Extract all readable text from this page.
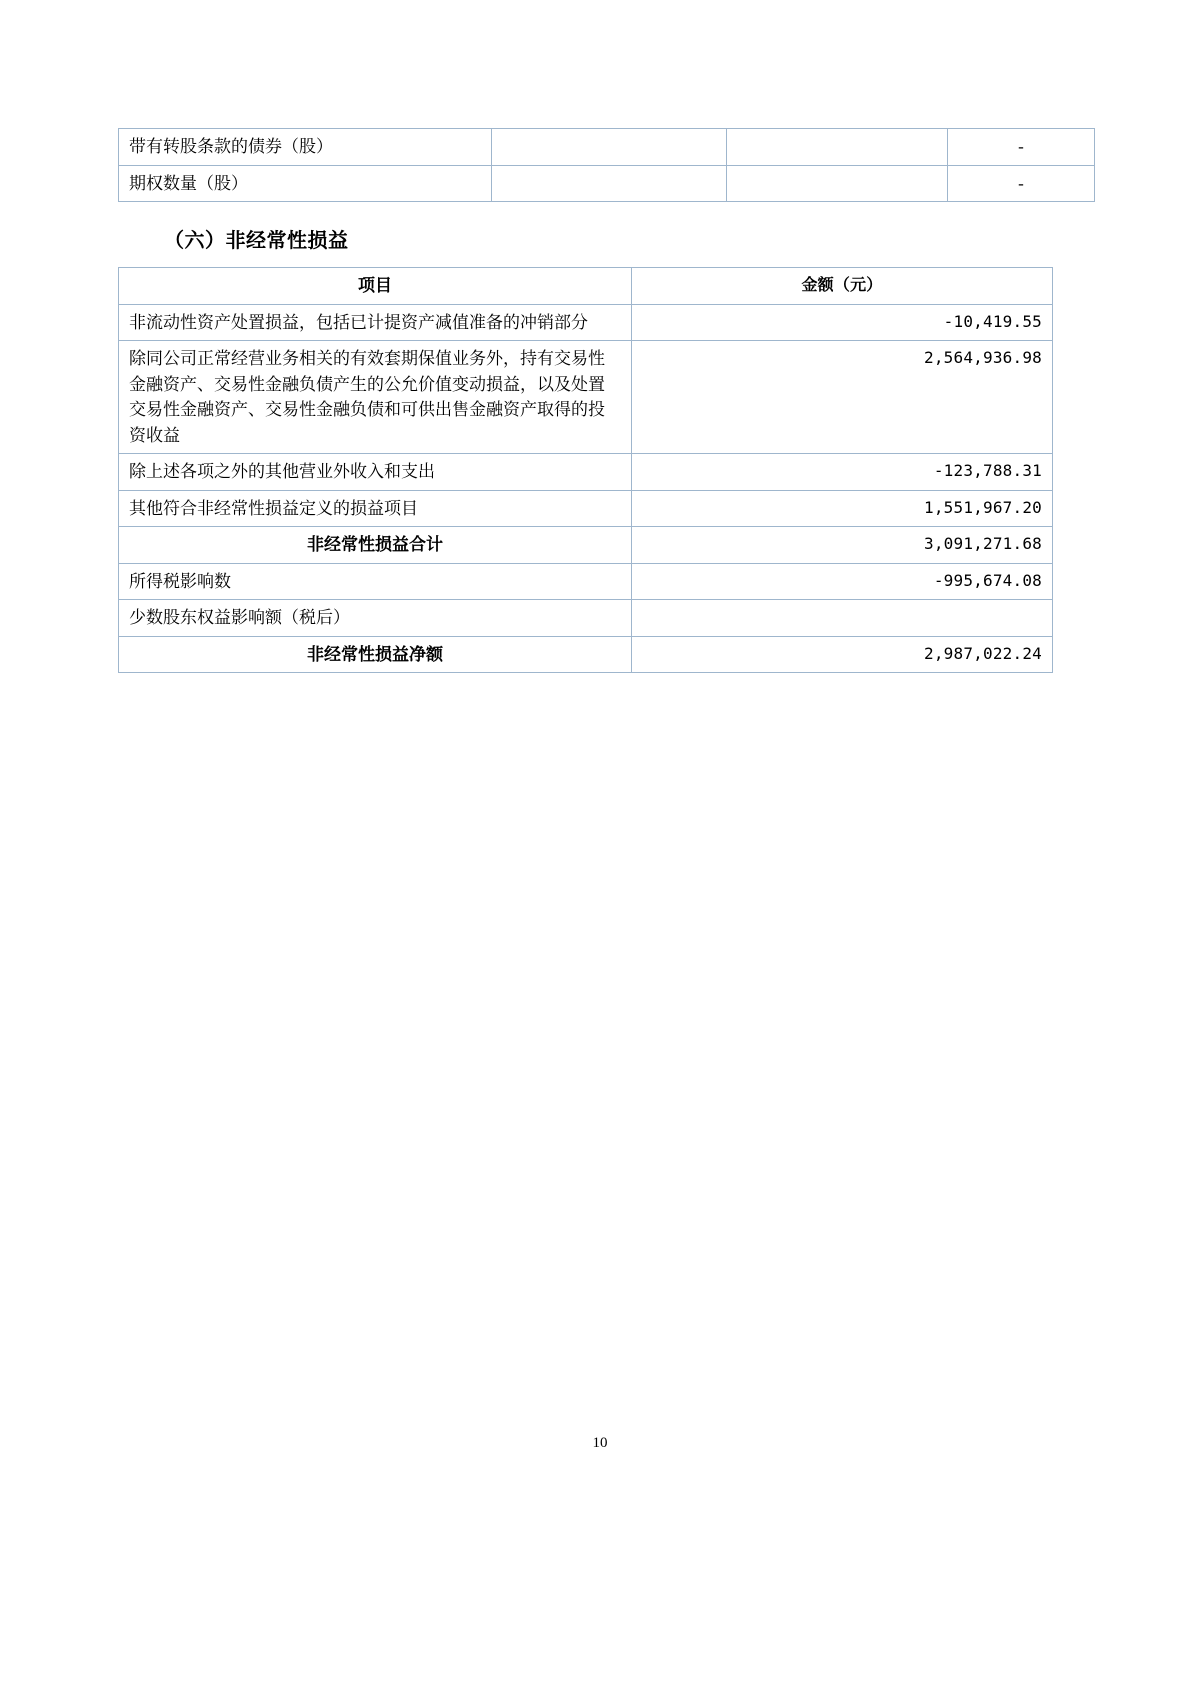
带有转股条款的债券（股）			-
期权数量（股）			-
（六）非经常性损益
项目	金额（元）
非流动性资产处置损益，包括已计提资产减值准备的冲销部分	-10,419.55
除同公司正常经营业务相关的有效套期保值业务外，持有交易性金融资产、交易性金融负债产生的公允价值变动损益，以及处置交易性金融资产、交易性金融负债和可供出售金融资产取得的投资收益	2,564,936.98
除上述各项之外的其他营业外收入和支出	-123,788.31
其他符合非经常性损益定义的损益项目	1,551,967.20
非经常性损益合计	3,091,271.68
所得税影响数	-995,674.08
少数股东权益影响额（税后）	
非经常性损益净额	2,987,022.24
10
